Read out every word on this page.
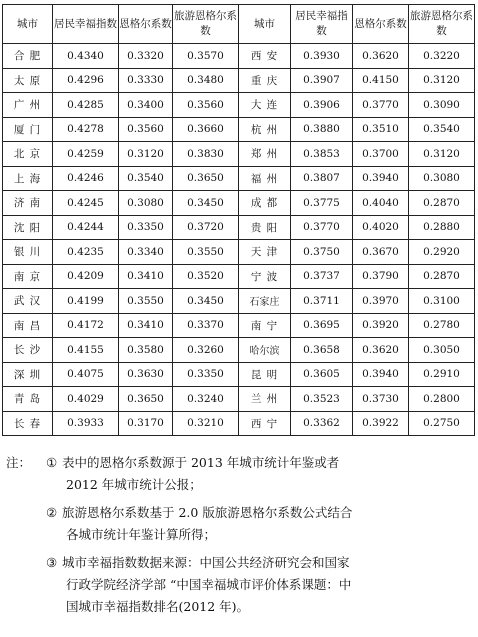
城市	居民幸福指数	恩格尔系数	旅游恩格尔系数	城市	居民幸福指数	恩格尔系数	旅游恩格尔系数
合 肥	0.4340	0.3320	0.3570	西 安	0.3930	0.3620	0.3220
太 原	0.4296	0.3330	0.3480	重 庆	0.3907	0.4150	0.3120
广 州	0.4285	0.3400	0.3560	大 连	0.3906	0.3770	0.3090
厦 门	0.4278	0.3560	0.3660	杭 州	0.3880	0.3510	0.3540
北 京	0.4259	0.3120	0.3830	郑 州	0.3853	0.3700	0.3120
上 海	0.4246	0.3540	0.3650	福 州	0.3807	0.3940	0.3080
济 南	0.4245	0.3080	0.3450	成 都	0.3775	0.4040	0.2870
沈 阳	0.4244	0.3350	0.3720	贵 阳	0.3770	0.4020	0.2880
银 川	0.4235	0.3340	0.3550	天 津	0.3750	0.3670	0.2920
南 京	0.4209	0.3410	0.3520	宁 波	0.3737	0.3790	0.2870
武 汉	0.4199	0.3550	0.3450	石家庄	0.3711	0.3970	0.3100
南 昌	0.4172	0.3410	0.3370	南 宁	0.3695	0.3920	0.2780
长 沙	0.4155	0.3580	0.3260	哈尔滨	0.3658	0.3620	0.3050
深 圳	0.4075	0.3630	0.3350	昆 明	0.3605	0.3940	0.2910
青 岛	0.4029	0.3650	0.3240	兰 州	0.3523	0.3730	0.2800
长 春	0.3933	0.3170	0.3210	西 宁	0.3362	0.3922	0.2750
注： ① 表中的恩格尔系数源于 2013 年城市统计年鉴或者
2012 年城市统计公报；
② 旅游恩格尔系数基于 2.0 版旅游恩格尔系数公式结合
各城市统计年鉴计算所得；
③ 城市幸福指数数据来源：中国公共经济研究会和国家
行政学院经济学部 “中国幸福城市评价体系课题：中
国城市幸福指数排名(2012 年)。
